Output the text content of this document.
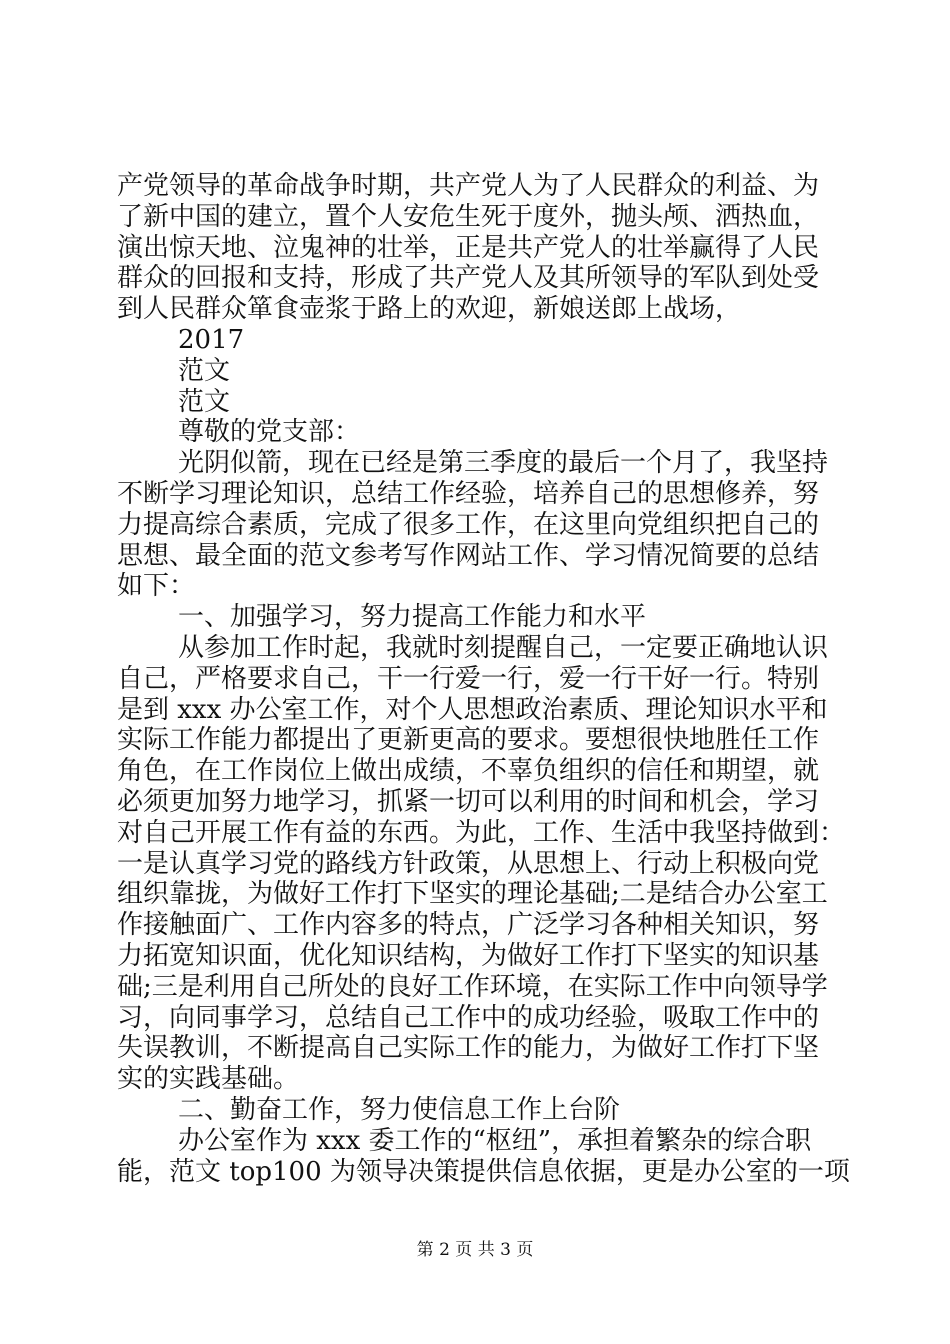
产党领导的革命战争时期，共产党人为了人民群众的利益、为
了新中国的建立，置个人安危生死于度外，抛头颅、洒热血，
演出惊天地、泣鬼神的壮举，正是共产党人的壮举赢得了人民
群众的回报和支持，形成了共产党人及其所领导的军队到处受
到人民群众箪食壶浆于路上的欢迎，新娘送郎上战场，
2017
范文
范文
尊敬的党支部：
光阴似箭，现在已经是第三季度的最后一个月了，我坚持
不断学习理论知识，总结工作经验，培养自己的思想修养，努
力提高综合素质，完成了很多工作，在这里向党组织把自己的
思想、最全面的范文参考写作网站工作、学习情况简要的总结
如下：
一、加强学习，努力提高工作能力和水平
从参加工作时起，我就时刻提醒自己，一定要正确地认识
自己，严格要求自己，干一行爱一行，爱一行干好一行。特别
是到 xxx 办公室工作，对个人思想政治素质、理论知识水平和
实际工作能力都提出了更新更高的要求。要想很快地胜任工作
角色，在工作岗位上做出成绩，不辜负组织的信任和期望，就
必须更加努力地学习，抓紧一切可以利用的时间和机会，学习
对自己开展工作有益的东西。为此，工作、生活中我坚持做到：
一是认真学习党的路线方针政策，从思想上、行动上积极向党
组织靠拢，为做好工作打下坚实的理论基础;二是结合办公室工
作接触面广、工作内容多的特点，广泛学习各种相关知识，努
力拓宽知识面，优化知识结构，为做好工作打下坚实的知识基
础;三是利用自己所处的良好工作环境，在实际工作中向领导学
习，向同事学习，总结自己工作中的成功经验，吸取工作中的
失误教训，不断提高自己实际工作的能力，为做好工作打下坚
实的实践基础。
二、勤奋工作，努力使信息工作上台阶
办公室作为 xxx 委工作的“枢纽”，承担着繁杂的综合职
能，范文 top100 为领导决策提供信息依据，更是办公室的一项
第 2 页 共 3 页
